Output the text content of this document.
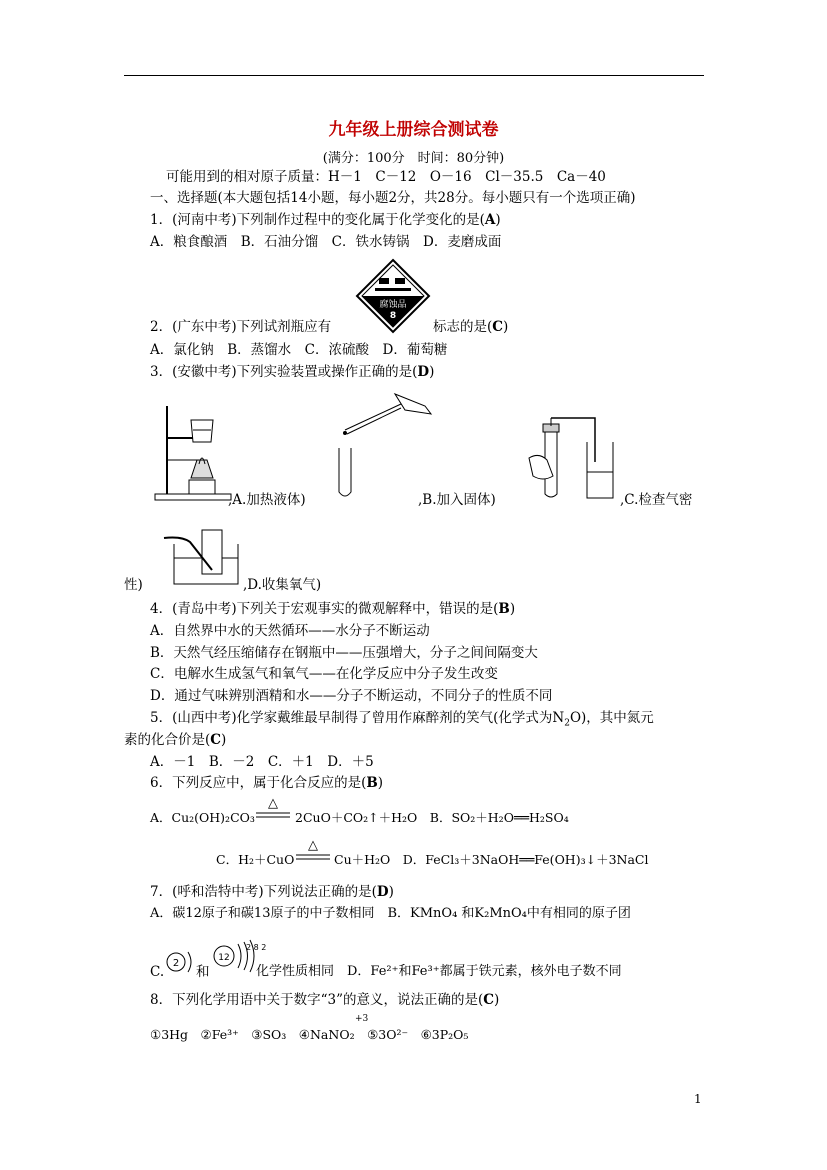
九年级上册综合测试卷
(满分：100分　时间：80分钟)
可能用到的相对原子质量：H－1　C－12　O－16　Cl－35.5　Ca－40
一、选择题(本大题包括14小题，每小题2分，共28分。每小题只有一个选项正确)
1．(河南中考)下列制作过程中的变化属于化学变化的是(A)
A．粮食酿酒　B．石油分馏　C．铁水铸锅　D．麦磨成面
腐蚀品
8
2．(广东中考)下列试剂瓶应有	标志的是(C)
A．氯化钠　B．蒸馏水　C．浓硫酸　D．葡萄糖
3．(安徽中考)下列实验装置或操作正确的是(D)
,A.加热液体)	,B.加入固体)	,C.检查气密
性)	,D.收集氧气)
4．(青岛中考)下列关于宏观事实的微观解释中，错误的是(B)
A．自然界中水的天然循环——水分子不断运动
B．天然气经压缩储存在钢瓶中——压强增大，分子之间间隔变大
C．电解水生成氢气和氧气——在化学反应中分子发生改变
D．通过气味辨别酒精和水——分子不断运动，不同分子的性质不同
5．(山西中考)化学家戴维最早制得了曾用作麻醉剂的笑气(化学式为$N_2O$)，其中氮元
素的化合价是(C)
A．－1　B．－2　C．＋1　D．＋5
6．下列反应中，属于化合反应的是(B)
A．Cu₂(OH)₂CO₃
△
2CuO＋CO₂↑＋H₂O　B．SO₂＋H₂O══H₂SO₄
C．H₂＋CuO
△
Cu＋H₂O　D．FeCl₃＋3NaOH══Fe(OH)₃↓＋3NaCl
7．(呼和浩特中考)下列说法正确的是(D)
A．碳12原子和碳13原子的中子数相同　B．KMnO₄ 和K₂MnO₄中有相同的原子团
C.
2
和
12
2 8 2
化学性质相同　D．Fe²⁺和Fe³⁺都属于铁元素，核外电子数不同
8．下列化学用语中关于数字“3”的意义，说法正确的是(C)
+3
①3Hg　②Fe³⁺　③SO₃　④NaNO₂　⑤3O²⁻　⑥3P₂O₅
1
